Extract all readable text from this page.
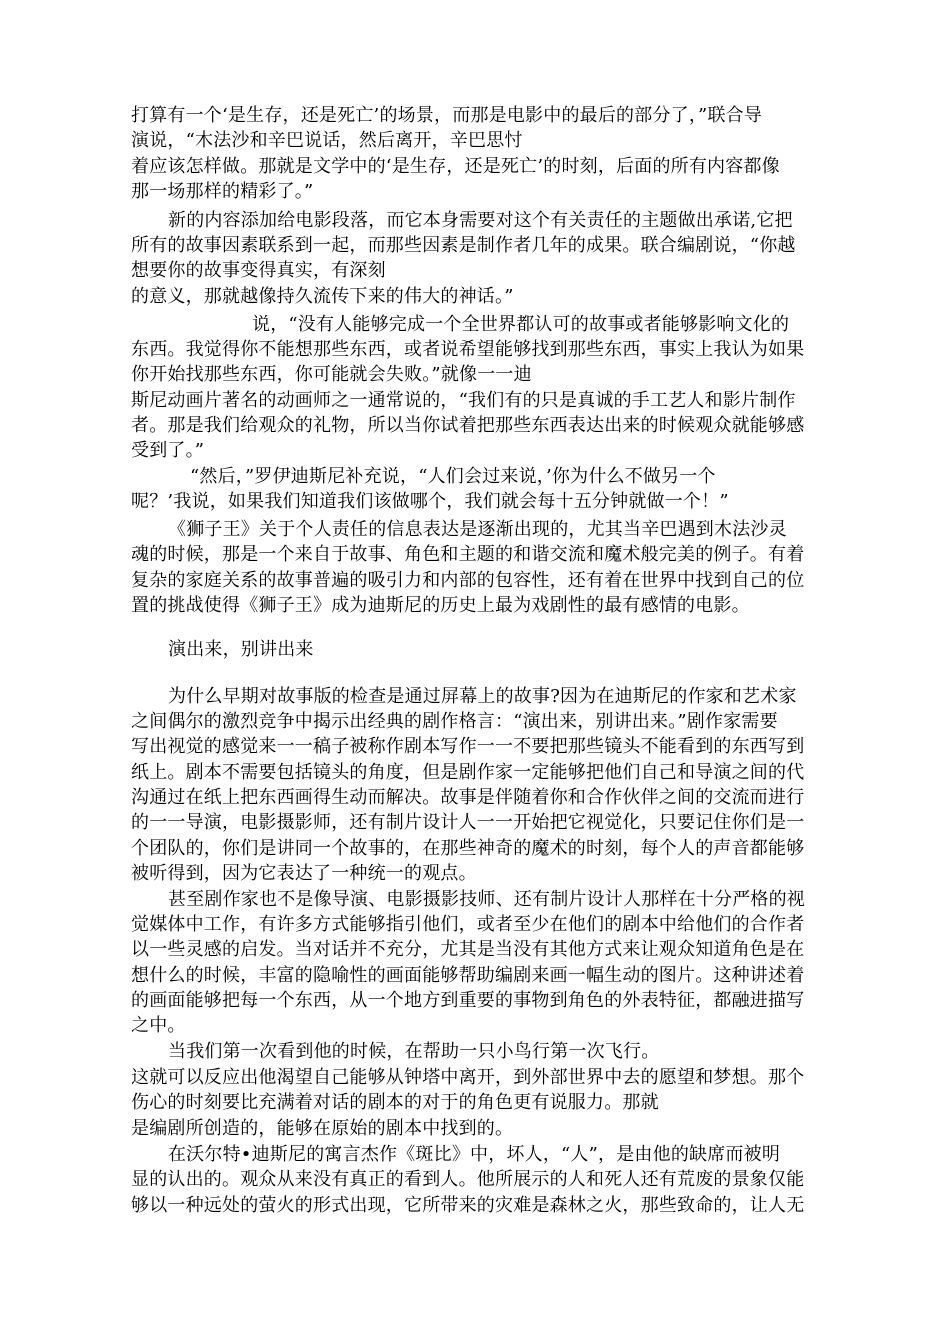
打算有一个‘是生存，还是死亡’的场景，而那是电影中的最后的部分了，”联合导
演说，“木法沙和辛巴说话，然后离开，辛巴思忖
着应该怎样做。那就是文学中的‘是生存，还是死亡’的时刻，后面的所有内容都像
那一场那样的精彩了。”
新的内容添加给电影段落，而它本身需要对这个有关责任的主题做出承诺,它把
所有的故事因素联系到一起，而那些因素是制作者几年的成果。联合编剧说，“你越
想要你的故事变得真实，有深刻
的意义，那就越像持久流传下来的伟大的神话。”
说，“没有人能够完成一个全世界都认可的故事或者能够影响文化的
东西。我觉得你不能想那些东西，或者说希望能够找到那些东西，事实上我认为如果
你开始找那些东西，你可能就会失败。”就像一一迪
斯尼动画片著名的动画师之一通常说的，“我们有的只是真诚的手工艺人和影片制作
者。那是我们给观众的礼物，所以当你试着把那些东西表达出来的时候观众就能够感
受到了。”
“然后，”罗伊迪斯尼补充说，“人们会过来说，’你为什么不做另一个
呢？’我说，如果我们知道我们该做哪个，我们就会每十五分钟就做一个！”
《狮子王》关于个人责任的信息表达是逐渐出现的，尤其当辛巴遇到木法沙灵
魂的时候，那是一个来自于故事、角色和主题的和谐交流和魔术般完美的例子。有着
复杂的家庭关系的故事普遍的吸引力和内部的包容性，还有着在世界中找到自己的位
置的挑战使得《狮子王》成为迪斯尼的历史上最为戏剧性的最有感情的电影。
演出来，别讲出来
为什么早期对故事版的检查是通过屏幕上的故事?因为在迪斯尼的作家和艺术家
之间偶尔的激烈竞争中揭示出经典的剧作格言：“演出来，别讲出来。”剧作家需要
写出视觉的感觉来一一稿子被称作剧本写作一一不要把那些镜头不能看到的东西写到
纸上。剧本不需要包括镜头的角度，但是剧作家一定能够把他们自己和导演之间的代
沟通过在纸上把东西画得生动而解决。故事是伴随着你和合作伙伴之间的交流而进行
的一一导演，电影摄影师，还有制片设计人一一开始把它视觉化，只要记住你们是一
个团队的，你们是讲同一个故事的，在那些神奇的魔术的时刻，每个人的声音都能够
被听得到，因为它表达了一种统一的观点。
甚至剧作家也不是像导演、电影摄影技师、还有制片设计人那样在十分严格的视
觉媒体中工作，有许多方式能够指引他们，或者至少在他们的剧本中给他们的合作者
以一些灵感的启发。当对话并不充分，尤其是当没有其他方式来让观众知道角色是在
想什么的时候，丰富的隐喻性的画面能够帮助编剧来画一幅生动的图片。这种讲述着
的画面能够把每一个东西，从一个地方到重要的事物到角色的外表特征，都融进描写
之中。
当我们第一次看到他的时候，在帮助一只小鸟行第一次飞行。
这就可以反应出他渴望自己能够从钟塔中离开，到外部世界中去的愿望和梦想。那个
伤心的时刻要比充满着对话的剧本的对于的角色更有说服力。那就
是编剧所创造的，能够在原始的剧本中找到的。
在沃尔特•迪斯尼的寓言杰作《斑比》中，坏人，“人”，是由他的缺席而被明
显的认出的。观众从来没有真正的看到人。他所展示的人和死人还有荒废的景象仅能
够以一种远处的萤火的形式出现，它所带来的灾难是森林之火，那些致命的，让人无
